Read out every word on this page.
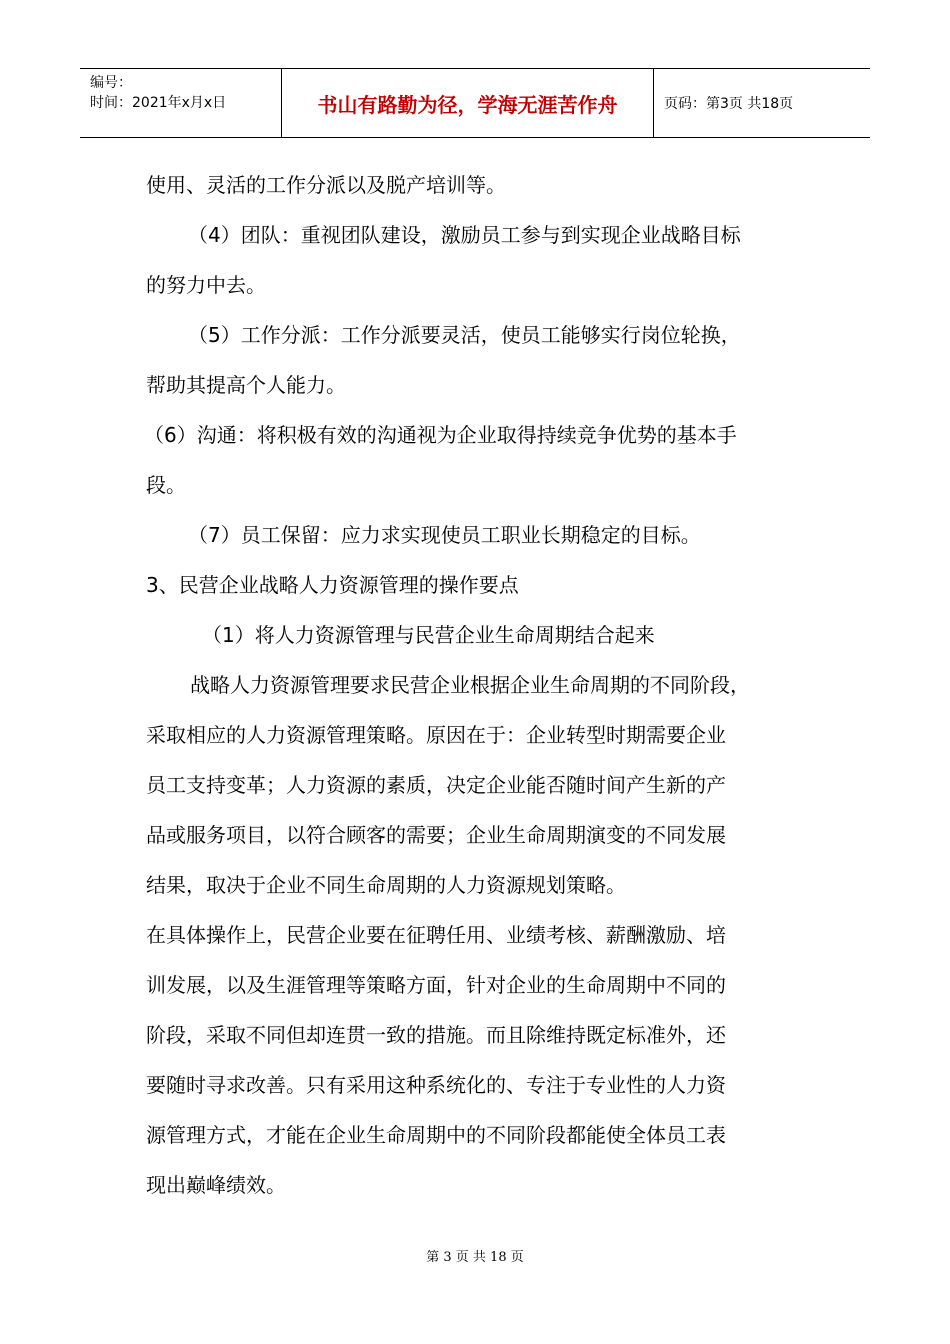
编号：
时间：2021年x月x日	书山有路勤为径，学海无涯苦作舟	页码：第3页 共18页
使用、灵活的工作分派以及脱产培训等。
（4）团队：重视团队建设，激励员工参与到实现企业战略目标
的努力中去。
（5）工作分派：工作分派要灵活，使员工能够实行岗位轮换，
帮助其提高个人能力。
（6）沟通：将积极有效的沟通视为企业取得持续竞争优势的基本手
段。
（7）员工保留：应力求实现使员工职业长期稳定的目标。
3、民营企业战略人力资源管理的操作要点
（1）将人力资源管理与民营企业生命周期结合起来
战略人力资源管理要求民营企业根据企业生命周期的不同阶段，
采取相应的人力资源管理策略。原因在于：企业转型时期需要企业
员工支持变革；人力资源的素质，决定企业能否随时间产生新的产
品或服务项目，以符合顾客的需要；企业生命周期演变的不同发展
结果，取决于企业不同生命周期的人力资源规划策略。
在具体操作上，民营企业要在征聘任用、业绩考核、薪酬激励、培
训发展，以及生涯管理等策略方面，针对企业的生命周期中不同的
阶段，采取不同但却连贯一致的措施。而且除维持既定标准外，还
要随时寻求改善。只有采用这种系统化的、专注于专业性的人力资
源管理方式，才能在企业生命周期中的不同阶段都能使全体员工表
现出巅峰绩效。
第 3 页 共 18 页
